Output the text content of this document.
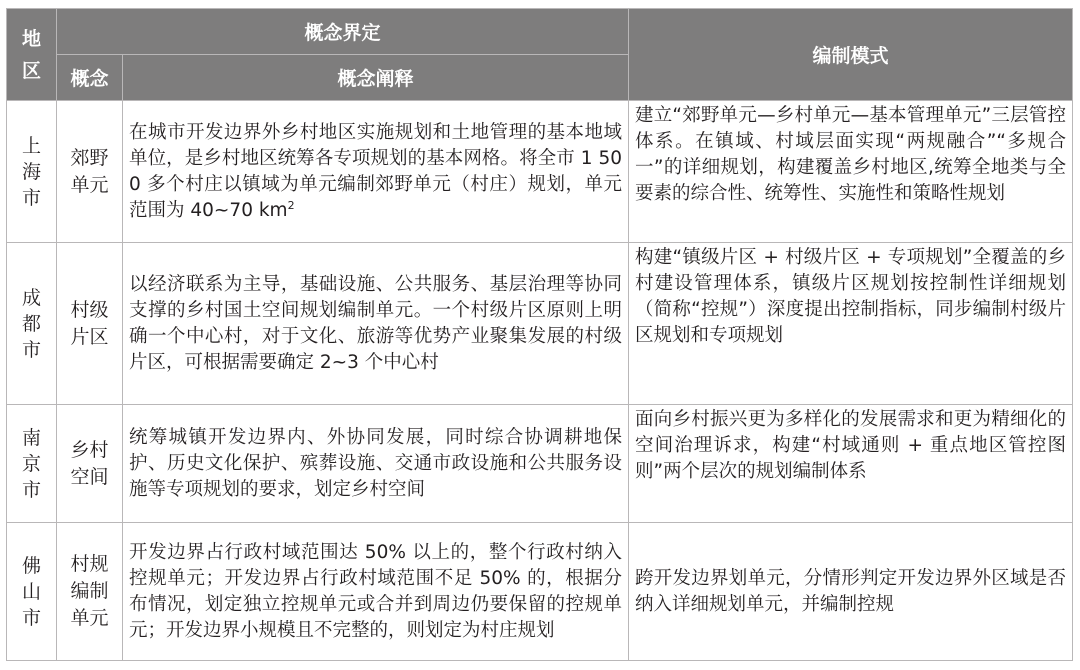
地区	概念界定		编制模式
	概念	概念阐释	
上海市	郊野单元	在城市开发边界外乡村地区实施规划和土地管理的基本地域单位，是乡村地区统筹各专项规划的基本网格。将全市 1 500 多个村庄以镇域为单元编制郊野单元（村庄）规划，单元范围为 40~70 $km^2$	建立“郊野单元—乡村单元—基本管理单元”三层管控体系。在镇域、村域层面实现“两规融合”“多规合一”的详细规划，构建覆盖乡村地区,统筹全地类与全要素的综合性、统筹性、实施性和策略性规划
成都市	村级片区	以经济联系为主导，基础设施、公共服务、基层治理等协同支撑的乡村国土空间规划编制单元。一个村级片区原则上明确一个中心村，对于文化、旅游等优势产业聚集发展的村级片区，可根据需要确定 2~3 个中心村	构建“镇级片区 + 村级片区 + 专项规划”全覆盖的乡村建设管理体系，镇级片区规划按控制性详细规划（简称“控规”）深度提出控制指标，同步编制村级片区规划和专项规划
南京市	乡村空间	统筹城镇开发边界内、外协同发展，同时综合协调耕地保护、历史文化保护、殡葬设施、交通市政设施和公共服务设施等专项规划的要求，划定乡村空间	面向乡村振兴更为多样化的发展需求和更为精细化的空间治理诉求，构建“村域通则 + 重点地区管控图则”两个层次的规划编制体系
佛山市	村规编制单元	开发边界占行政村域范围达 50% 以上的，整个行政村纳入控规单元；开发边界占行政村域范围不足 50% 的，根据分布情况，划定独立控规单元或合并到周边仍要保留的控规单元；开发边界小规模且不完整的，则划定为村庄规划	跨开发边界划单元，分情形判定开发边界外区域是否纳入详细规划单元，并编制控规
